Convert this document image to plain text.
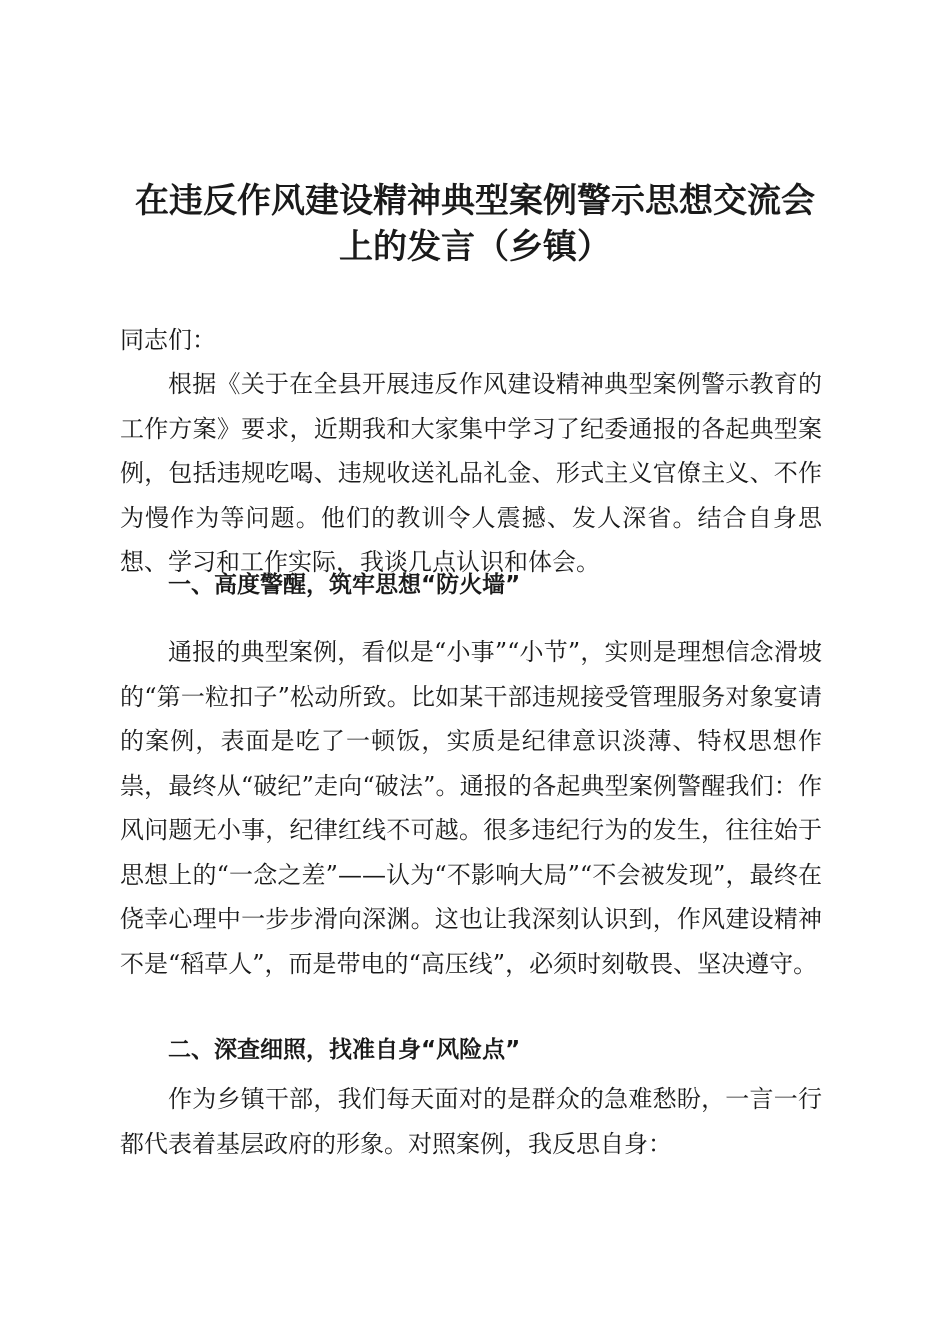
在违反作风建设精神典型案例警示思想交流会
上的发言（乡镇）

同志们：

根据《关于在全县开展违反作风建设精神典型案例警示教育的工作方案》要求，近期我和大家集中学习了纪委通报的各起典型案例，包括违规吃喝、违规收送礼品礼金、形式主义官僚主义、不作为慢作为等问题。他们的教训令人震撼、发人深省。结合自身思想、学习和工作实际，我谈几点认识和体会。

一、高度警醒，筑牢思想“防火墙”

通报的典型案例，看似是“小事”“小节”，实则是理想信念滑坡的“第一粒扣子”松动所致。比如某干部违规接受管理服务对象宴请的案例，表面是吃了一顿饭，实质是纪律意识淡薄、特权思想作祟，最终从“破纪”走向“破法”。通报的各起典型案例警醒我们：作风问题无小事，纪律红线不可越。很多违纪行为的发生，往往始于思想上的“一念之差”——认为“不影响大局”“不会被发现”，最终在侥幸心理中一步步滑向深渊。这也让我深刻认识到，作风建设精神不是“稻草人”，而是带电的“高压线”，必须时刻敬畏、坚决遵守。

二、深查细照，找准自身“风险点”

作为乡镇干部，我们每天面对的是群众的急难愁盼，一言一行都代表着基层政府的形象。对照案例，我反思自身：
